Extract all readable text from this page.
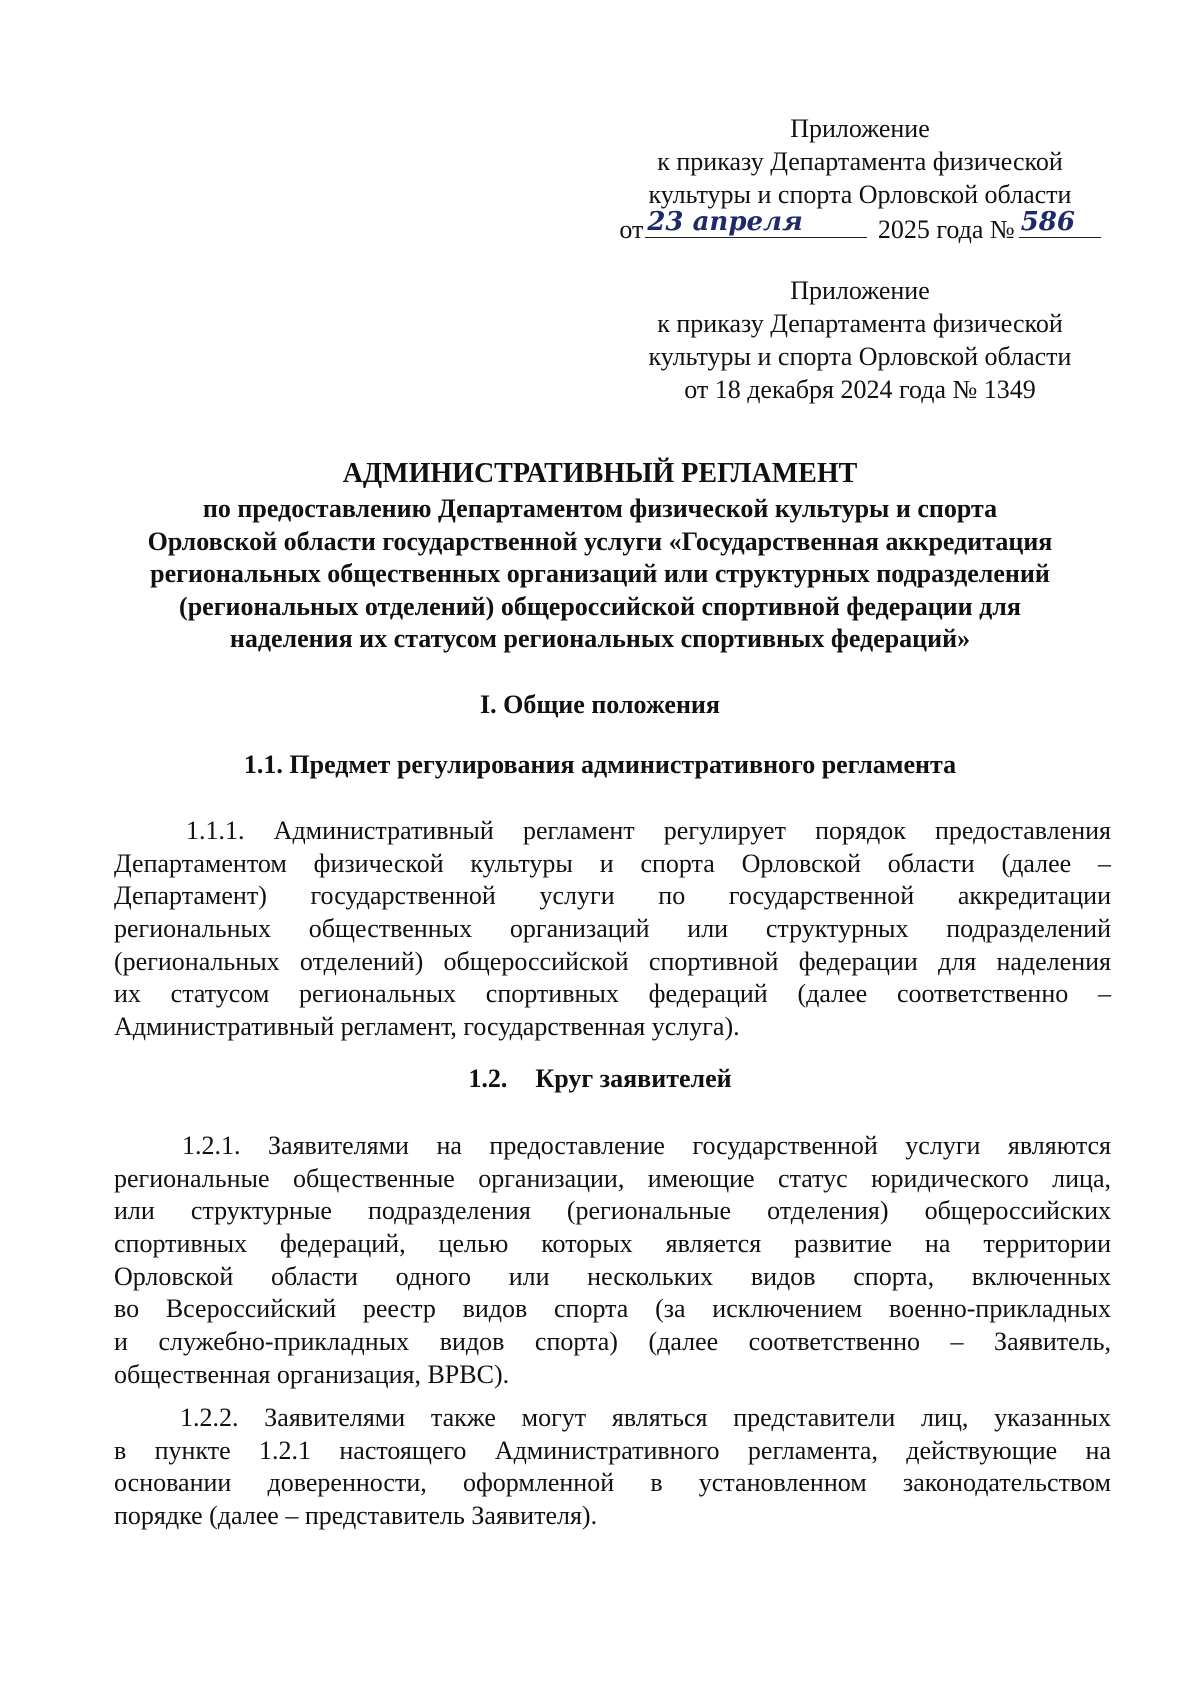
Приложение
к приказу Департамента физической
культуры и спорта Орловской области
от 23 апреля	2025 года № 586
Приложение
к приказу Департамента физической
культуры и спорта Орловской области
от 18 декабря 2024 года № 1349
АДМИНИСТРАТИВНЫЙ РЕГЛАМЕНТ
по предоставлению Департаментом физической культуры и спорта
Орловской области государственной услуги «Государственная аккредитация
региональных общественных организаций или структурных подразделений
(региональных отделений) общероссийской спортивной федерации для
наделения их статусом региональных спортивных федераций»
I. Общие положения
1.1. Предмет регулирования административного регламента
1.1.1. Административный регламент регулирует порядок предоставления
Департаментом физической культуры и спорта Орловской области (далее –
Департамент) государственной услуги по государственной аккредитации
региональных общественных организаций или структурных подразделений
(региональных отделений) общероссийской спортивной федерации для наделения
их статусом региональных спортивных федераций (далее соответственно –
Административный регламент, государственная услуга).
1.2. Круг заявителей
1.2.1. Заявителями на предоставление государственной услуги являются
региональные общественные организации, имеющие статус юридического лица,
или структурные подразделения (региональные отделения) общероссийских
спортивных федераций, целью которых является развитие на территории
Орловской области одного или нескольких видов спорта, включенных
во Всероссийский реестр видов спорта (за исключением военно-прикладных
и служебно-прикладных видов спорта) (далее соответственно – Заявитель,
общественная организация, ВРВС).
1.2.2. Заявителями также могут являться представители лиц, указанных
в пункте 1.2.1 настоящего Административного регламента, действующие на
основании доверенности, оформленной в установленном законодательством
порядке (далее – представитель Заявителя).
